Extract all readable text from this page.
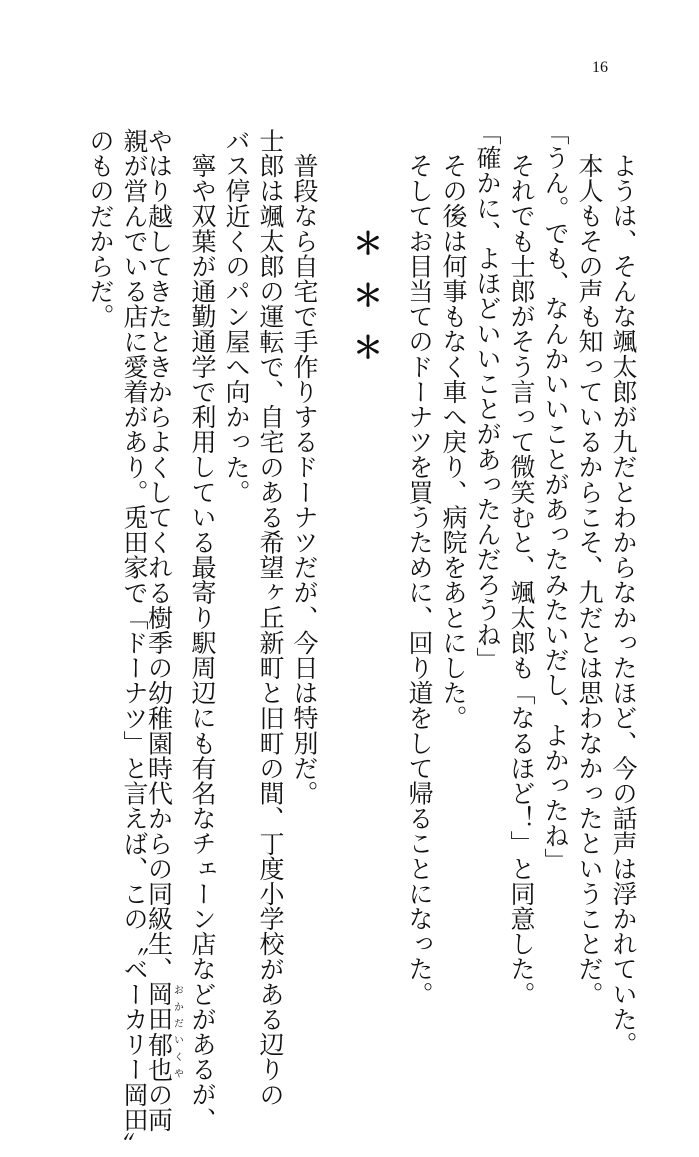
16
ようは、そんな颯太郎が九だとわからなかったほど、今の話声は浮かれていた。
本人もその声も知っているからこそ、九だとは思わなかったということだ。
「うん。でも、なんかいいことがあったみたいだし、よかったね」
それでも士郎がそう言って微笑むと、颯太郎も「なるほど！」と同意した。
「確かに、よほどいいことがあったんだろうね」
その後は何事もなく車へ戻り、病院をあとにした。
そしてお目当てのドーナツを買うために、回り道をして帰ることになった。
＊＊＊
普段なら自宅で手作りするドーナツだが、今日は特別だ。
士郎は颯太郎の運転で、自宅のある希望ヶ丘新町と旧町の間、丁度小学校がある辺りの
バス停近くのパン屋へ向かった。
寧や双葉が通勤通学で利用している最寄り駅周辺にも有名なチェーン店などがあるが、
やはり越してきたときからよくしてくれる樹季の幼稚園時代からの同級生、岡田おかだ郁也いくやの両
親が営んでいる店に愛着があり。兎田家で「ドーナツ」と言えば、この〝ベーカリー岡田〟
のものだからだ。
